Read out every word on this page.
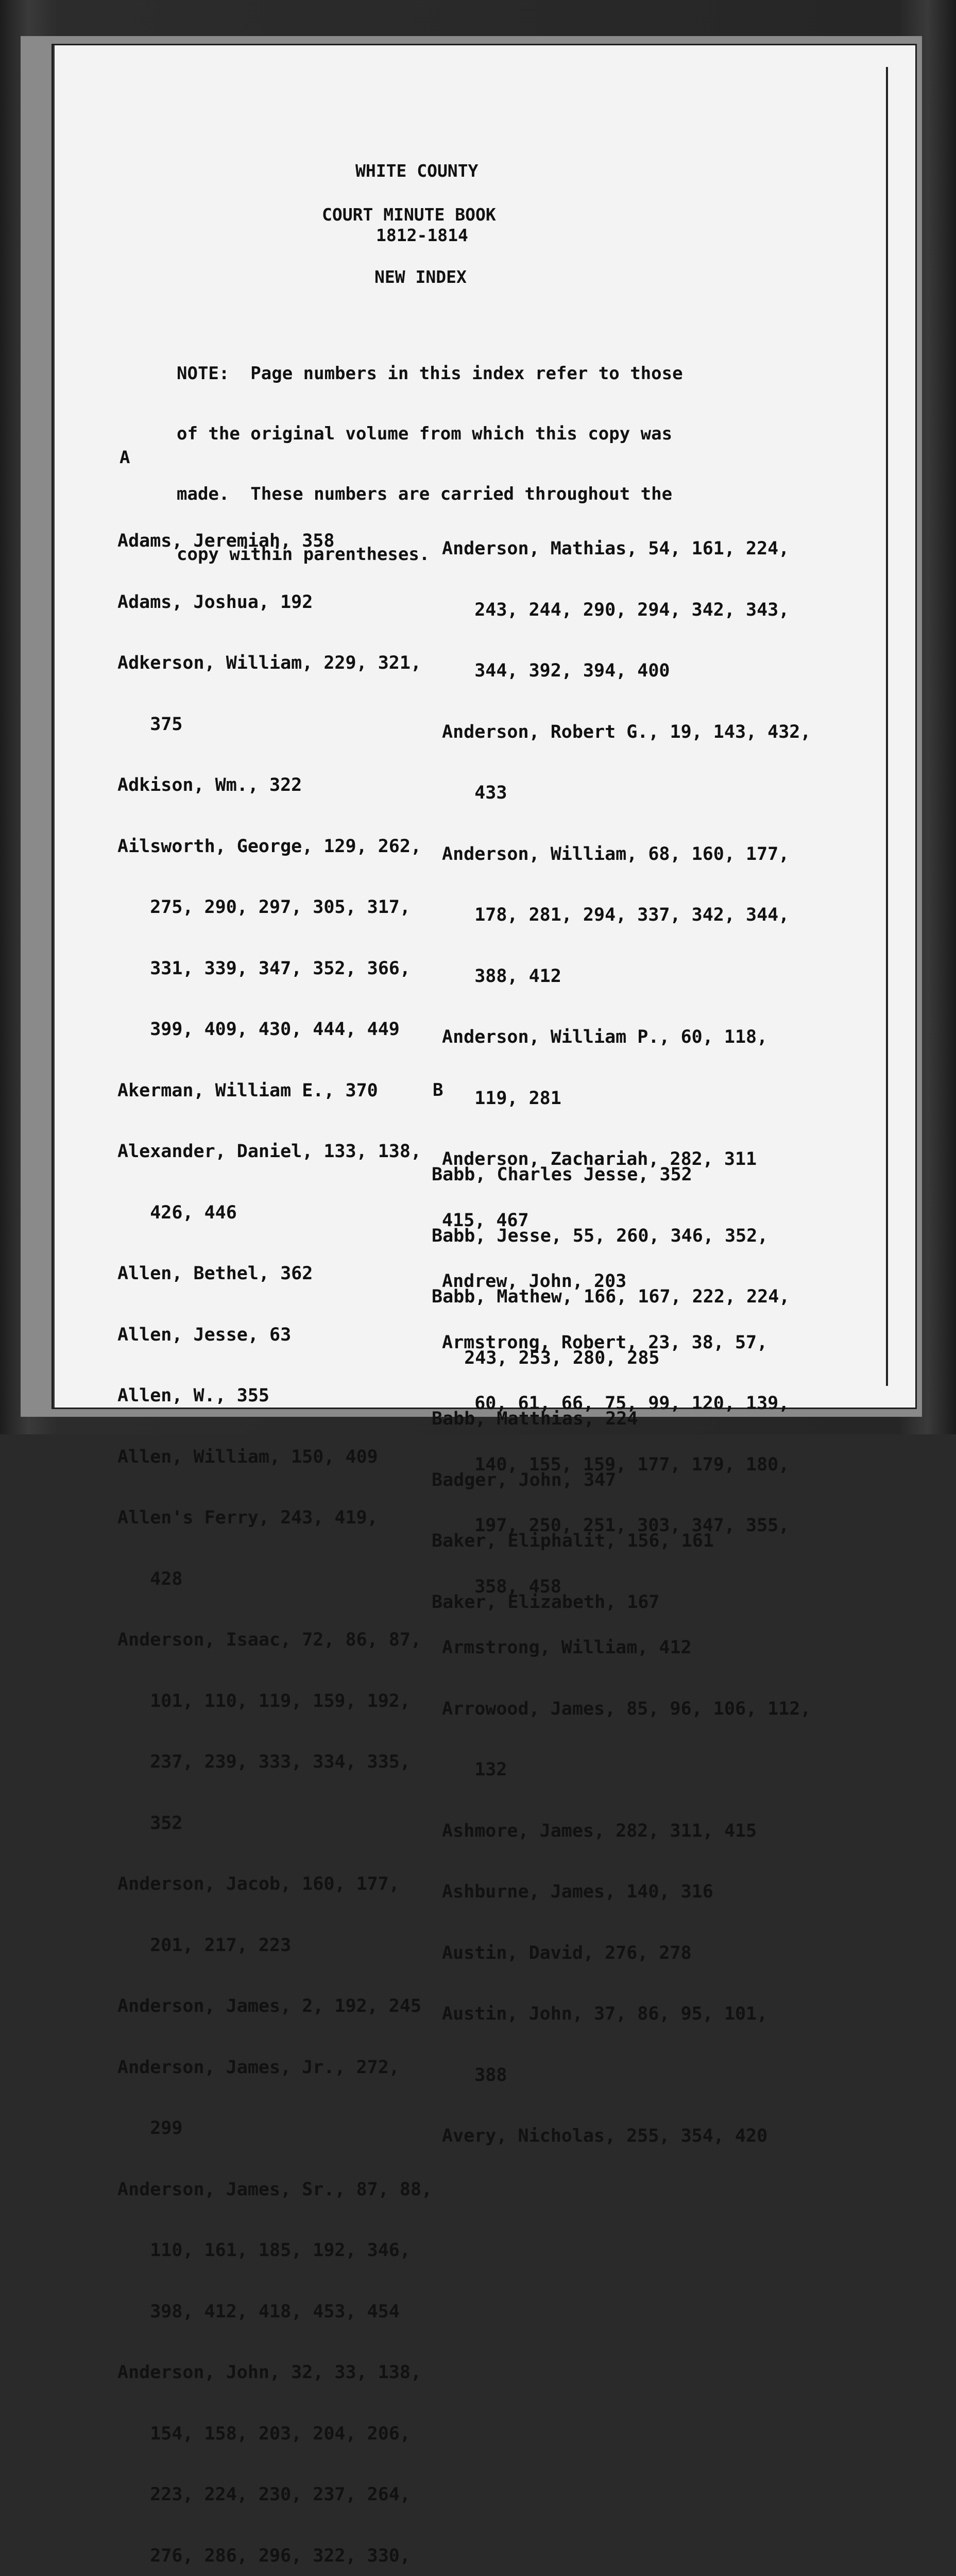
WHITE COUNTY
COURT MINUTE BOOK
1812-1814
NEW INDEX

NOTE:  Page numbers in this index refer to those

of the original volume from which this copy was

made.  These numbers are carried throughout the

copy within parentheses.

A

Adams, Jeremiah, 358

Adams, Joshua, 192

Adkerson, William, 229, 321,

375

Adkison, Wm., 322

Ailsworth, George, 129, 262,

275, 290, 297, 305, 317,

331, 339, 347, 352, 366,

399, 409, 430, 444, 449

Akerman, William E., 370

Alexander, Daniel, 133, 138,

426, 446

Allen, Bethel, 362

Allen, Jesse, 63

Allen, W., 355

Allen, William, 150, 409

Allen's Ferry, 243, 419,

428

Anderson, Isaac, 72, 86, 87,

101, 110, 119, 159, 192,

237, 239, 333, 334, 335,

352

Anderson, Jacob, 160, 177,

201, 217, 223

Anderson, James, 2, 192, 245

Anderson, James, Jr., 272,

299

Anderson, James, Sr., 87, 88,

110, 161, 185, 192, 346,

398, 412, 418, 453, 454

Anderson, John, 32, 33, 138,

154, 158, 203, 204, 206,

223, 224, 230, 237, 264,

276, 286, 296, 322, 330,

Anderson, Mathias, 54, 161, 224,

243, 244, 290, 294, 342, 343,

344, 392, 394, 400

Anderson, Robert G., 19, 143, 432,

433

Anderson, William, 68, 160, 177,

178, 281, 294, 337, 342, 344,

388, 412

Anderson, William P., 60, 118,

119, 281

Anderson, Zachariah, 282, 311

415, 467

Andrew, John, 203

Armstrong, Robert, 23, 38, 57,

60, 61, 66, 75, 99, 120, 139,

140, 155, 159, 177, 179, 180,

197, 250, 251, 303, 347, 355,

358, 458

Armstrong, William, 412

Arrowood, James, 85, 96, 106, 112,

132

Ashmore, James, 282, 311, 415

Ashburne, James, 140, 316

Austin, David, 276, 278

Austin, John, 37, 86, 95, 101,

388

Avery, Nicholas, 255, 354, 420

B

Babb, Charles Jesse, 352

Babb, Jesse, 55, 260, 346, 352,

Babb, Mathew, 166, 167, 222, 224,

243, 253, 280, 285

Babb, Matthias, 224

Badger, John, 347

Baker, Eliphalit, 156, 161

Baker, Elizabeth, 167
